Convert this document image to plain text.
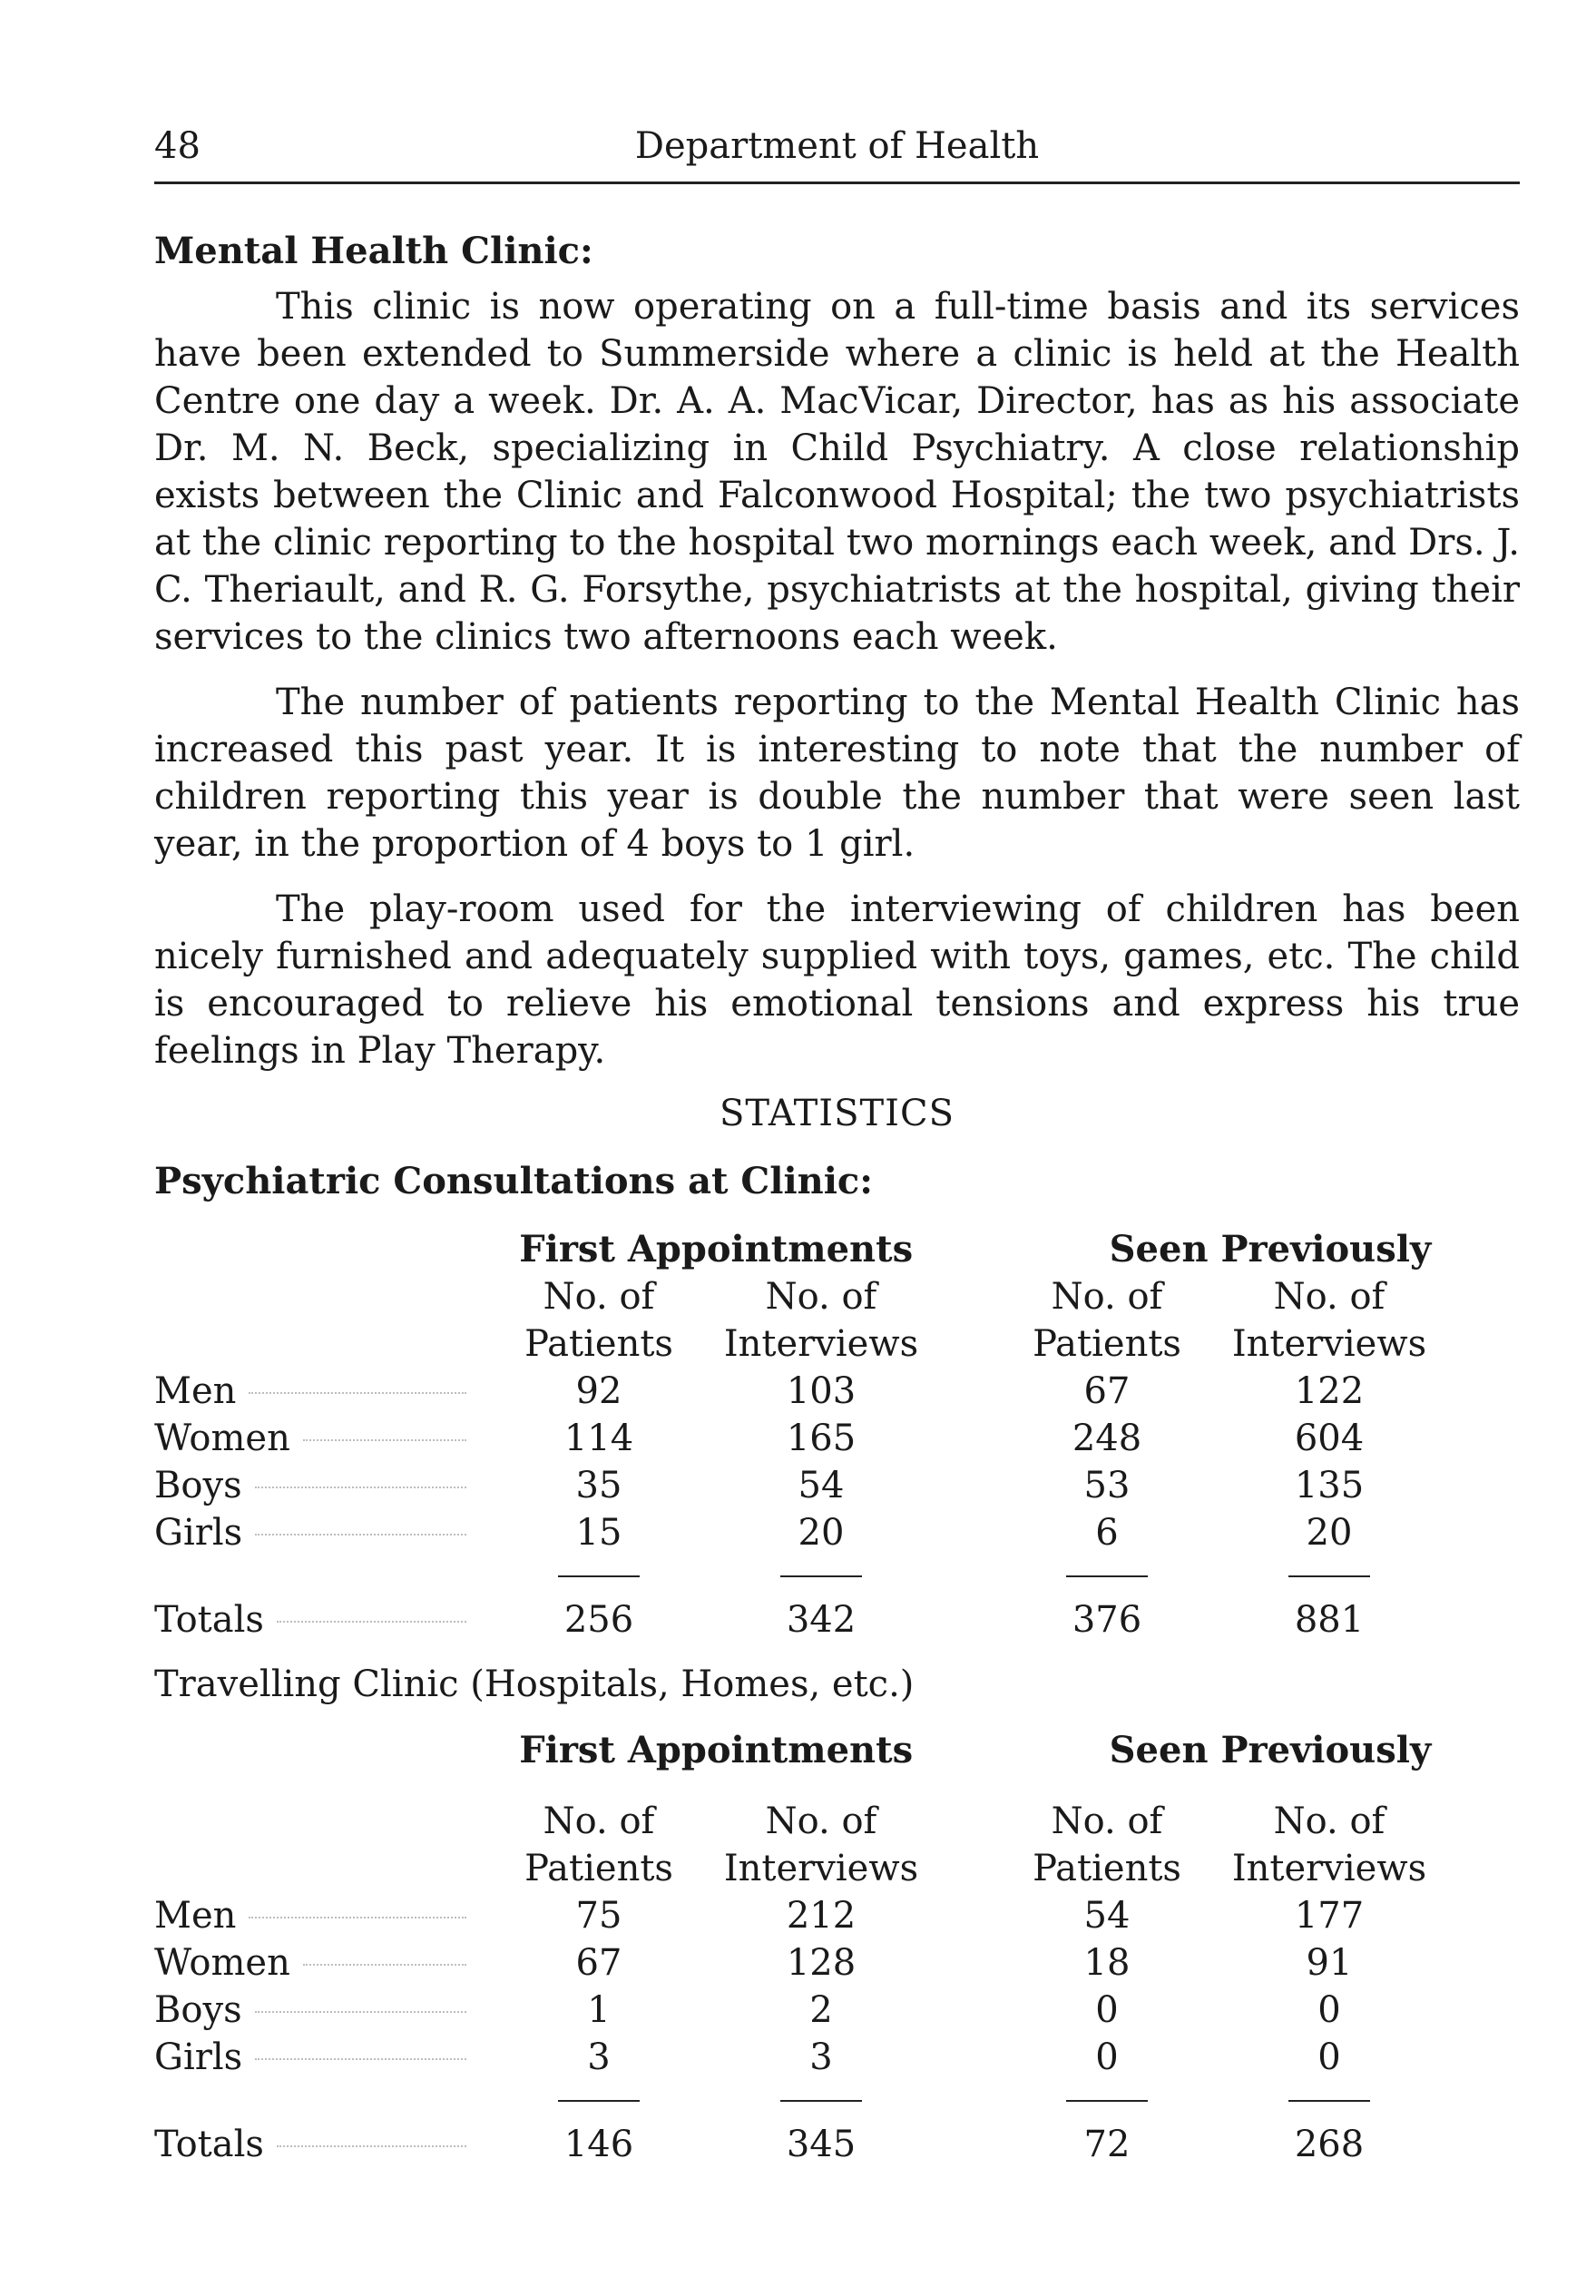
48	Department of Health
Mental Health Clinic:

This clinic is now operating on a full-time basis and its services have been extended to Summerside where a clinic is held at the Health Centre one day a week. Dr. A. A. MacVicar, Director, has as his associate Dr. M. N. Beck, specializing in Child Psychiatry. A close relationship exists between the Clinic and Falconwood Hospital; the two psychiatrists at the clinic reporting to the hospital two mornings each week, and Drs. J. C. Theriault, and R. G. Forsythe, psychiatrists at the hospital, giving their services to the clinics two afternoons each week.

The number of patients reporting to the Mental Health Clinic has increased this past year. It is interesting to note that the number of children reporting this year is double the number that were seen last year, in the proportion of 4 boys to 1 girl.

The play-room used for the interviewing of children has been nicely furnished and adequately supplied with toys, games, etc. The child is encouraged to relieve his emotional tensions and express his true feelings in Play Therapy.

STATISTICS
Psychiatric Consultations at Clinic:
First Appointments	Seen Previously
No. of	No. of	No. of	No. of
Patients	Interviews	Patients	Interviews
Men	92	103	67	122
Women	114	165	248	604
Boys	35	54	53	135
Girls	15	20	6	20
Totals	256	342	376	881
Travelling Clinic (Hospitals, Homes, etc.)
First Appointments	Seen Previously
No. of	No. of	No. of	No. of
Patients	Interviews	Patients	Interviews
Men	75	212	54	177
Women	67	128	18	91
Boys	1	2	0	0
Girls	3	3	0	0
Totals	146	345	72	268
